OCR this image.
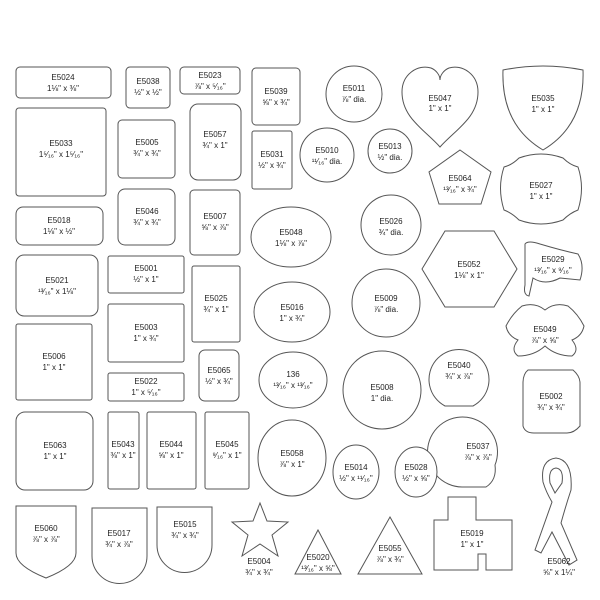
E5024
1⅛" x ⅜"
E5038
½" x ½"
E5023
⅞" x ⁵⁄₁₆"
E5039
⅝" x ¾"
E5011
⅞" dia.	E5047
1" x 1"
E5035
1" x 1"
E5033
1⁵⁄₁₆" x 1⁵⁄₁₆"
E5005
¾" x ¾"
E5057
¾" x 1"
E5031
½" x ¾"
E5010
¹¹⁄₁₆" dia.
E5013
½" dia.
E5064
¹³⁄₁₆" x ¾"	E5027
1" x 1"
E5018
1⅛" x ½"
E5046
¾" x ¾"
E5007
⅝" x ⅞"
E5048
1⅛" x ⅞"
E5026
¾" dia.
E5052
1⅛" x 1"
E5029
¹³⁄₁₆" x ⁹⁄₁₆"
E5001
½" x 1"
E5021
¹³⁄₁₆" x 1⅛"
E5025
¾" x 1"	E5016
1" x ¾"
E5009
⅞" dia.
E5049
⅞" x ⅝"
E5003
1" x ¾"
E5006
1" x 1"	E5065
½" x ¾"
136
¹³⁄₁₆" x ¹³⁄₁₆"
E5040
¾" x ⅞"
E5022
1" x ⁵⁄₁₆"
E5008
1" dia.	E5002
¾" x ¾"
E5063
1" x 1"
E5043
⅜" x 1"
E5044
⅝" x 1"
E5045
⁹⁄₁₆" x 1"	E5058
⅞" x 1"
E5037
⅞" x ⅞"
E5014
½" x ¹¹⁄₁₆"
E5028
½" x ⅝"
E5060
⅞" x ⅞"
E5017
¾" x ⅞"
E5015
¾" x ¾"
E5004
¾" x ¾"
E5020
¹³⁄₁₆" x ⅝"
E5055
⅞" x ¾"
E5019
1" x 1"
E5062
⅝" x 1¼"
